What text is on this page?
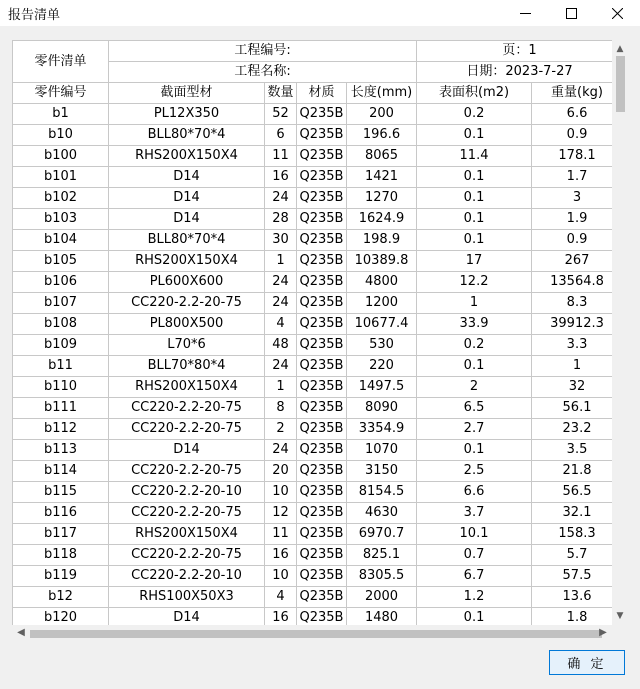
报告清单
零件清单	工程编号:				页：1	
	工程名称:				日期：2023-7-27	
零件编号	截面型材	数量	材质	长度(mm)	表面积(m2)	重量(kg)
b1	PL12X350	52	Q235B	200	0.2	6.6
b10	BLL80*70*4	6	Q235B	196.6	0.1	0.9
b100	RHS200X150X4	11	Q235B	8065	11.4	178.1
b101	D14	16	Q235B	1421	0.1	1.7
b102	D14	24	Q235B	1270	0.1	3
b103	D14	28	Q235B	1624.9	0.1	1.9
b104	BLL80*70*4	30	Q235B	198.9	0.1	0.9
b105	RHS200X150X4	1	Q235B	10389.8	17	267
b106	PL600X600	24	Q235B	4800	12.2	13564.8
b107	CC220-2.2-20-75	24	Q235B	1200	1	8.3
b108	PL800X500	4	Q235B	10677.4	33.9	39912.3
b109	L70*6	48	Q235B	530	0.2	3.3
b11	BLL70*80*4	24	Q235B	220	0.1	1
b110	RHS200X150X4	1	Q235B	1497.5	2	32
b111	CC220-2.2-20-75	8	Q235B	8090	6.5	56.1
b112	CC220-2.2-20-75	2	Q235B	3354.9	2.7	23.2
b113	D14	24	Q235B	1070	0.1	3.5
b114	CC220-2.2-20-75	20	Q235B	3150	2.5	21.8
b115	CC220-2.2-20-10	10	Q235B	8154.5	6.6	56.5
b116	CC220-2.2-20-75	12	Q235B	4630	3.7	32.1
b117	RHS200X150X4	11	Q235B	6970.7	10.1	158.3
b118	CC220-2.2-20-75	16	Q235B	825.1	0.7	5.7
b119	CC220-2.2-20-10	10	Q235B	8305.5	6.7	57.5
b12	RHS100X50X3	4	Q235B	2000	1.2	13.6
b120	D14	16	Q235B	1480	0.1	1.8
▲
▼
◀	▶
确 定
